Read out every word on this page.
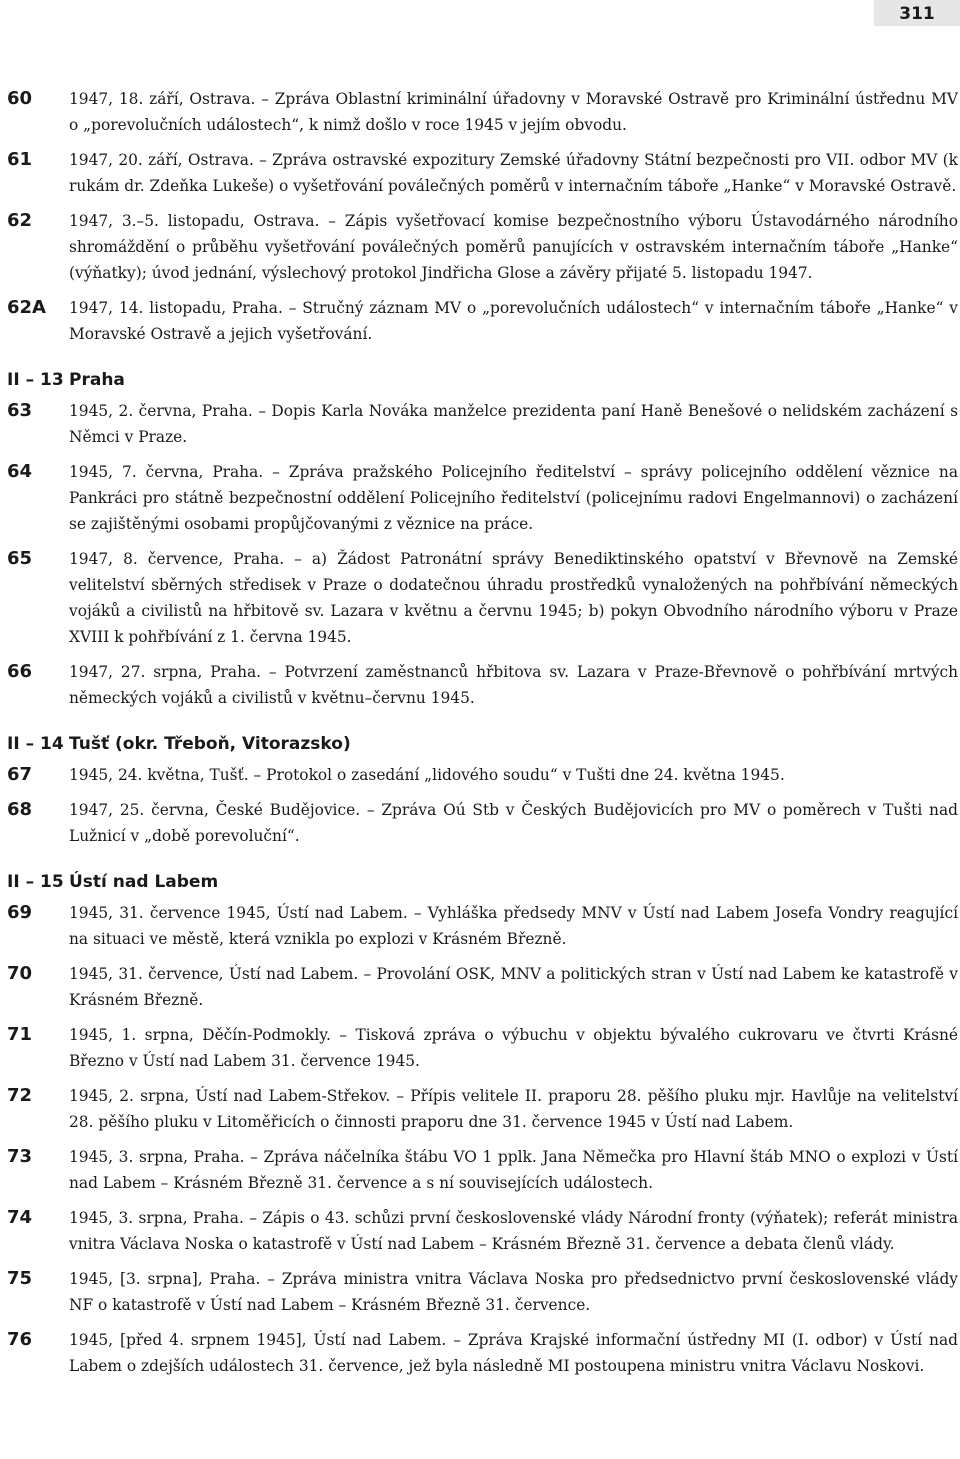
311
60	1947, 18. září, Ostrava. – Zpráva Oblastní kriminální úřadovny v Moravské Ostravě pro Kriminální ústřednu MV o „porevolučních událostech“, k nimž došlo v roce 1945 v jejím obvodu.
61	1947, 20. září, Ostrava. – Zpráva ostravské expozitury Zemské úřadovny Státní bezpečnosti pro VII. odbor MV (k rukám dr. Zdeňka Lukeše) o vyšetřování poválečných poměrů v internačním táboře „Hanke“ v Moravské Ostravě.
62	1947, 3.–5. listopadu, Ostrava. – Zápis vyšetřovací komise bezpečnostního výboru Ústavodárného národního shromáždění o průběhu vyšetřování poválečných poměrů panujících v ostravském internačním táboře „Hanke“ (výňatky); úvod jednání, výslechový protokol Jindřicha Glose a závěry přijaté 5. listopadu 1947.
62A	1947, 14. listopadu, Praha. – Stručný záznam MV o „porevolučních událostech“ v internačním táboře „Hanke“ v Moravské Ostravě a jejich vyšetřování.
II – 13 Praha
63	1945, 2. června, Praha. – Dopis Karla Nováka manželce prezidenta paní Haně Benešové o nelidském zacházení s Němci v Praze.
64	1945, 7. června, Praha. – Zpráva pražského Policejního ředitelství – správy policejního oddělení věznice na Pankráci pro státně bezpečnostní oddělení Policejního ředitelství (policejnímu radovi Engelmannovi) o zacházení se zajištěnými osobami propůjčovanými z věznice na práce.
65	1947, 8. července, Praha. – a) Žádost Patronátní správy Benediktinského opatství v Břevnově na Zemské velitelství sběrných středisek v Praze o dodatečnou úhradu prostředků vynaložených na pohřbívání německých vojáků a civilistů na hřbitově sv. Lazara v květnu a červnu 1945; b) pokyn Obvodního národního výboru v Praze XVIII k pohřbívání z 1. června 1945.
66	1947, 27. srpna, Praha. – Potvrzení zaměstnanců hřbitova sv. Lazara v Praze-Břevnově o pohřbívání mrtvých německých vojáků a civilistů v květnu–červnu 1945.
II – 14 Tušť (okr. Třeboň, Vitorazsko)
67	1945, 24. května, Tušť. – Protokol o zasedání „lidového soudu“ v Tušti dne 24. května 1945.
68	1947, 25. června, České Budějovice. – Zpráva Oú Stb v Českých Budějovicích pro MV o poměrech v Tušti nad Lužnicí v „době porevoluční“.
II – 15 Ústí nad Labem
69	1945, 31. července 1945, Ústí nad Labem. – Vyhláška předsedy MNV v Ústí nad Labem Josefa Vondry reagující na situaci ve městě, která vznikla po explozi v Krásném Březně.
70	1945, 31. července, Ústí nad Labem. – Provolání OSK, MNV a politických stran v Ústí nad Labem ke katastrofě v Krásném Březně.
71	1945, 1. srpna, Děčín-Podmokly. – Tisková zpráva o výbuchu v objektu bývalého cukrovaru ve čtvrti Krásné Březno v Ústí nad Labem 31. července 1945.
72	1945, 2. srpna, Ústí nad Labem-Střekov. – Přípis velitele II. praporu 28. pěšího pluku mjr. Havlůje na velitelství 28. pěšího pluku v Litoměřicích o činnosti praporu dne 31. července 1945 v Ústí nad Labem.
73	1945, 3. srpna, Praha. – Zpráva náčelníka štábu VO 1 pplk. Jana Němečka pro Hlavní štáb MNO o explozi v Ústí nad Labem – Krásném Březně 31. července a s ní souvisejících událostech.
74	1945, 3. srpna, Praha. – Zápis o 43. schůzi první československé vlády Národní fronty (výňatek); referát ministra vnitra Václava Noska o katastrofě v Ústí nad Labem – Krásném Březně 31. července a debata členů vlády.
75	1945, [3. srpna], Praha. – Zpráva ministra vnitra Václava Noska pro předsednictvo první československé vlády NF o katastrofě v Ústí nad Labem – Krásném Březně 31. července.
76	1945, [před 4. srpnem 1945], Ústí nad Labem. – Zpráva Krajské informační ústředny MI (I. odbor) v Ústí nad Labem o zdejších událostech 31. července, jež byla následně MI postoupena ministru vnitra Václavu Noskovi.
